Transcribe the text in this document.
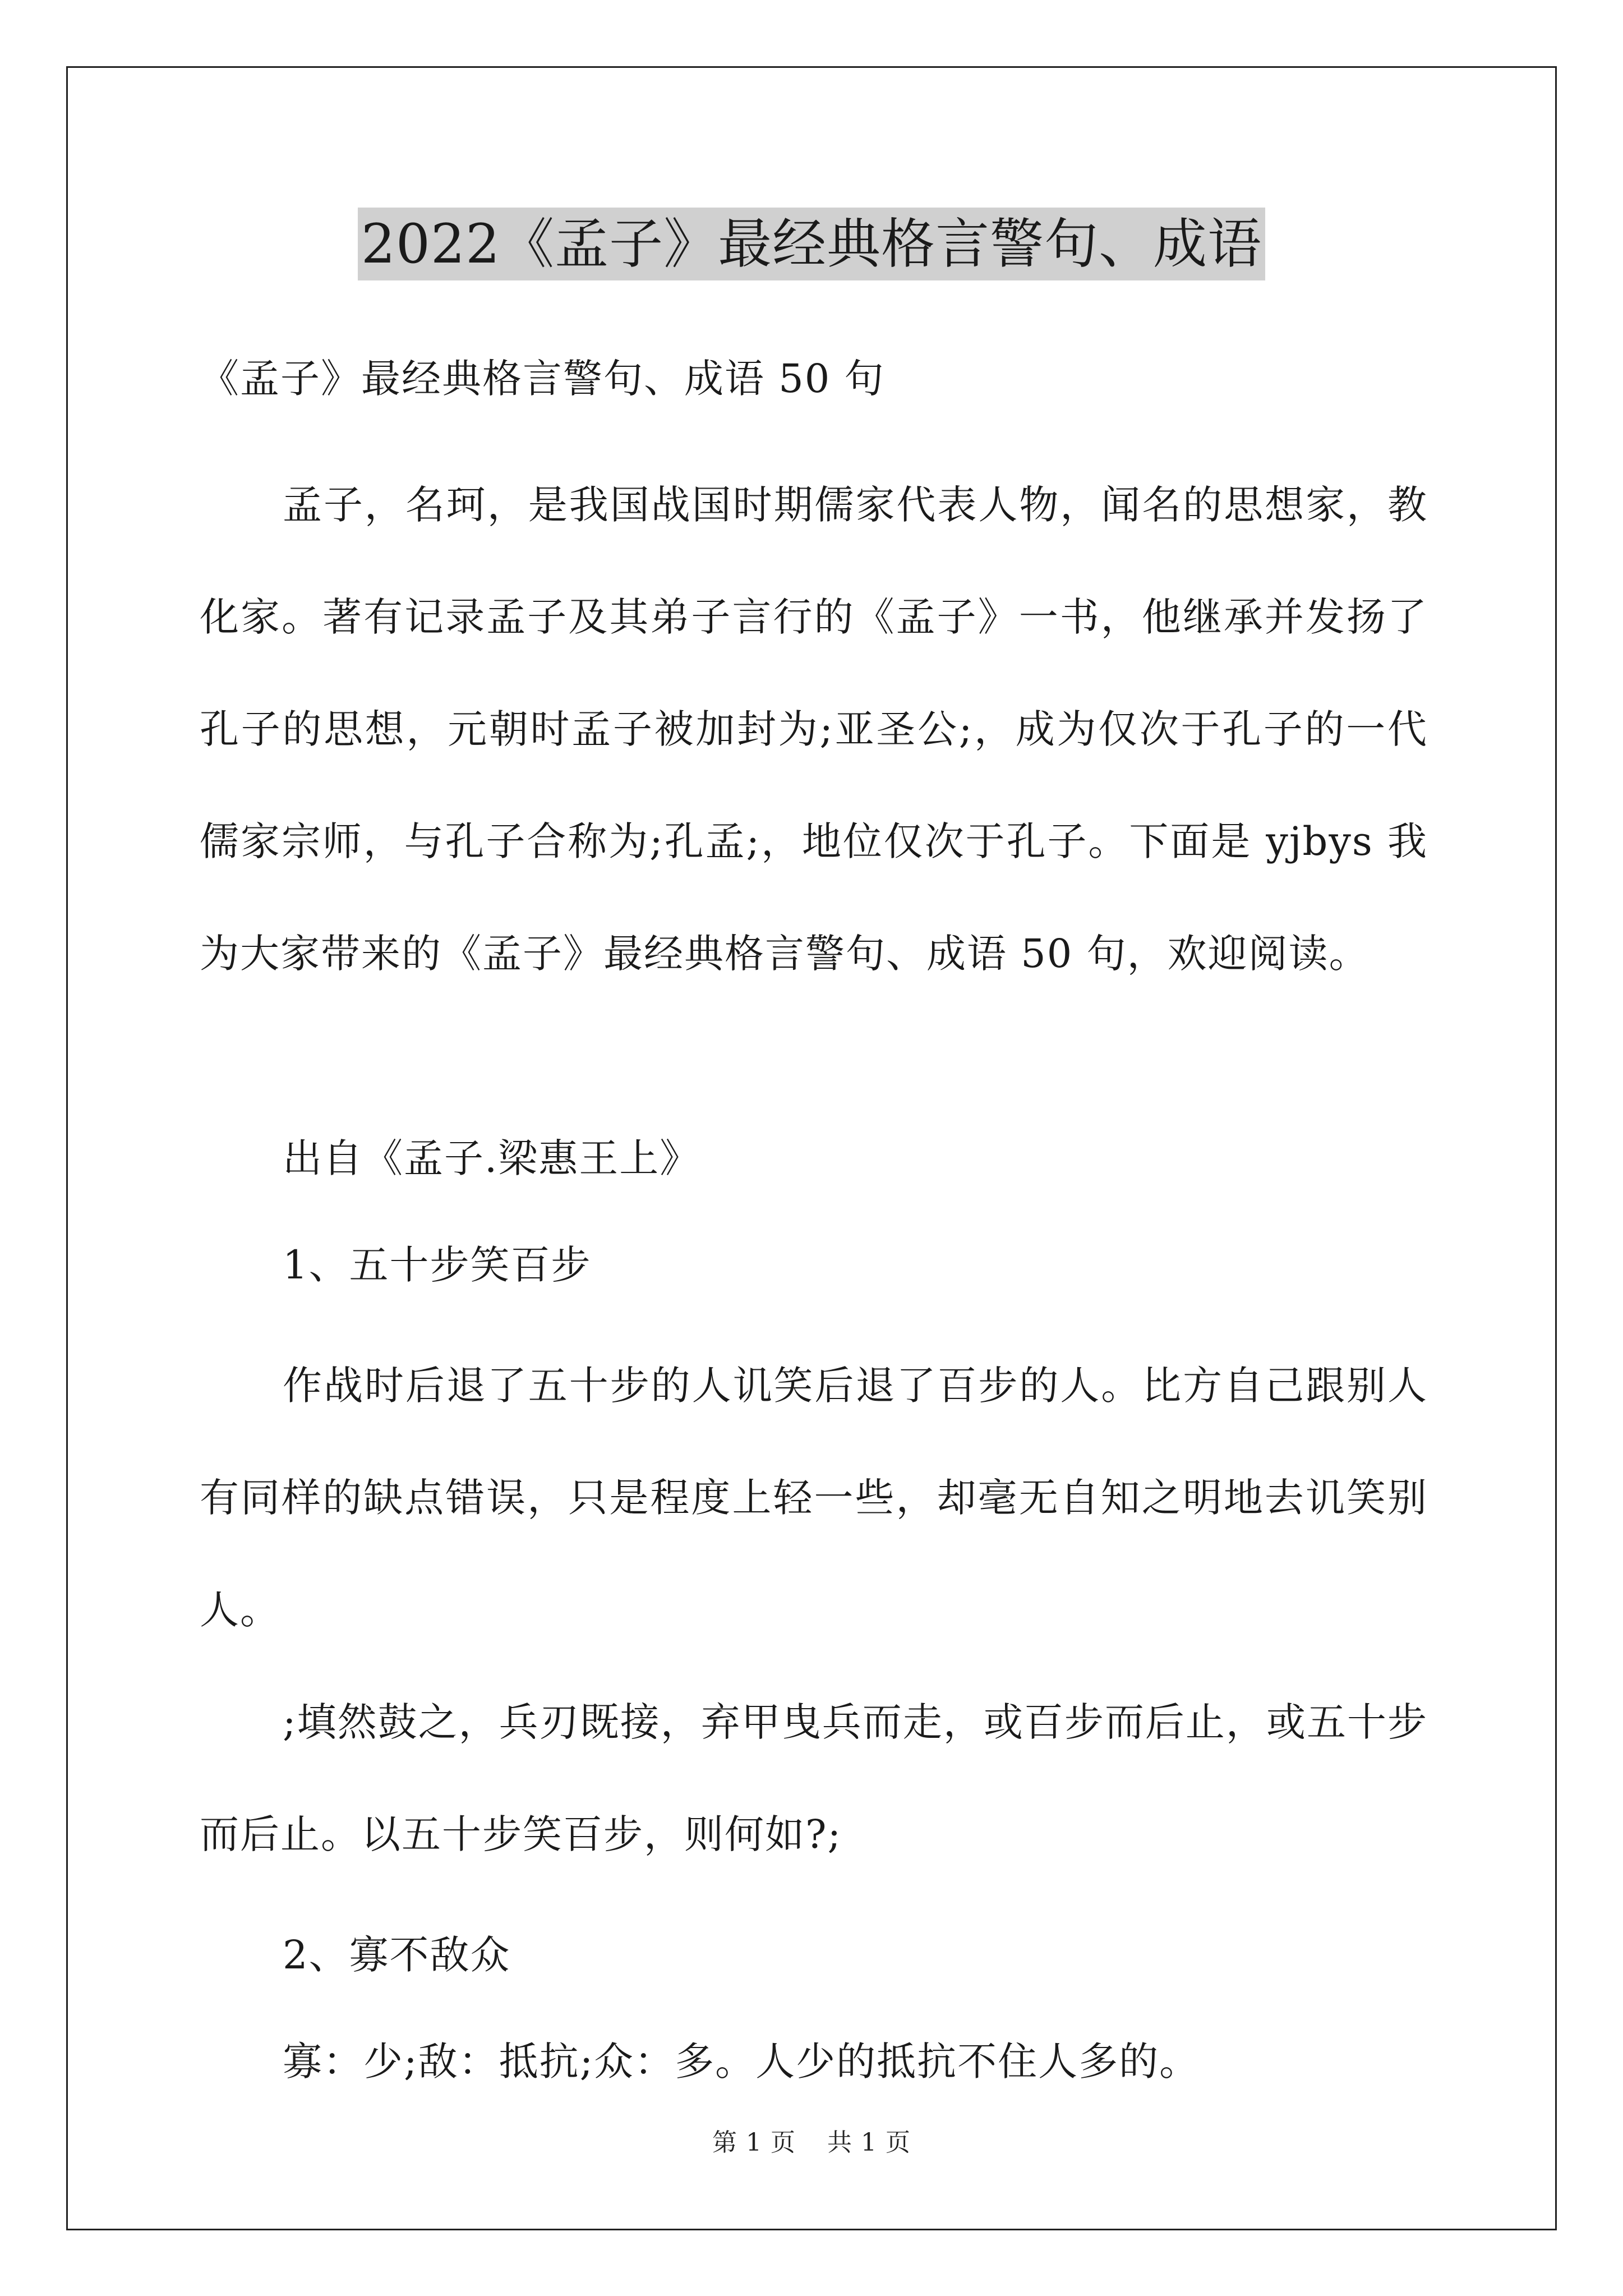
2022《孟子》最经典格言警句、成语

《孟子》最经典格言警句、成语 50 句

孟子，名珂，是我国战国时期儒家代表人物，闻名的思想家，教化家。著有记录孟子及其弟子言行的《孟子》一书，他继承并发扬了孔子的思想，元朝时孟子被加封为;亚圣公;，成为仅次于孔子的一代儒家宗师，与孔子合称为;孔孟;，地位仅次于孔子。下面是 yjbys 我为大家带来的《孟子》最经典格言警句、成语 50 句，欢迎阅读。

出自《孟子.梁惠王上》

1、五十步笑百步

作战时后退了五十步的人讥笑后退了百步的人。比方自己跟别人有同样的缺点错误，只是程度上轻一些，却毫无自知之明地去讥笑别人。

;填然鼓之，兵刃既接，弃甲曳兵而走，或百步而后止，或五十步而后止。以五十步笑百步，则何如?;

2、寡不敌众

寡：少;敌：抵抗;众：多。人少的抵抗不住人多的。

第 1 页 共 1 页
